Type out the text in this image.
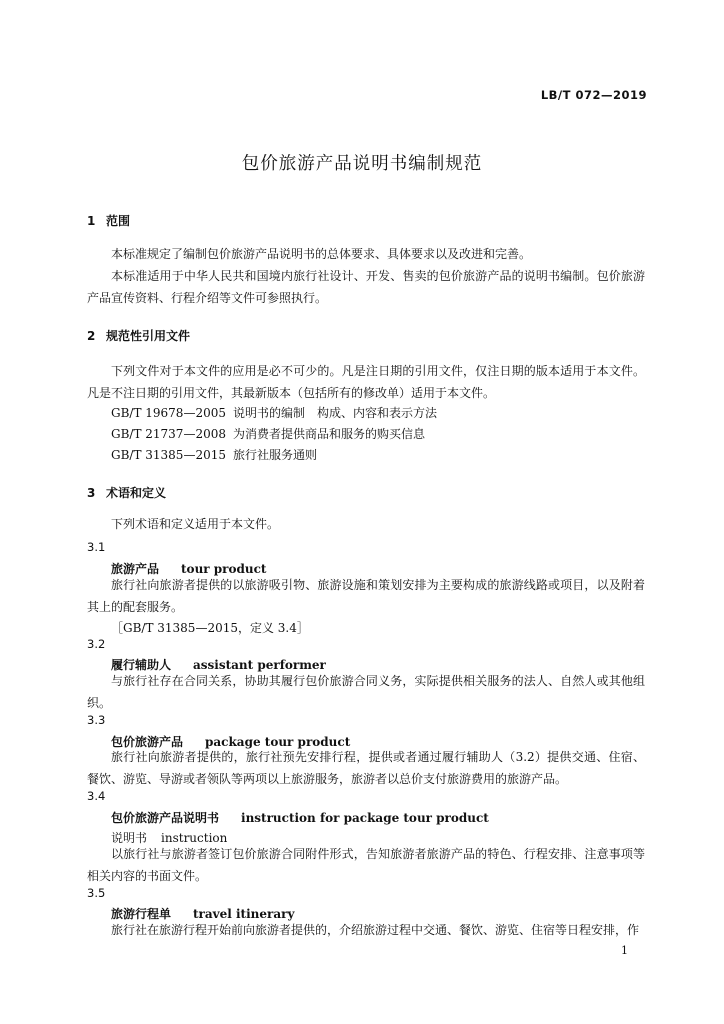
LB/T 072—2019
包价旅游产品说明书编制规范
1 范围

本标准规定了编制包价旅游产品说明书的总体要求、具体要求以及改进和完善。

本标准适用于中华人民共和国境内旅行社设计、开发、售卖的包价旅游产品的说明书编制。包价旅游产品宣传资料、行程介绍等文件可参照执行。

2 规范性引用文件

下列文件对于本文件的应用是必不可少的。凡是注日期的引用文件，仅注日期的版本适用于本文件。凡是不注日期的引用文件，其最新版本（包括所有的修改单）适用于本文件。

GB/T 19678—2005 说明书的编制　构成、内容和表示方法
GB/T 21737—2008 为消费者提供商品和服务的购买信息
GB/T 31385—2015 旅行社服务通则
3 术语和定义

下列术语和定义适用于本文件。

3.1
旅游产品 tour product

旅行社向旅游者提供的以旅游吸引物、旅游设施和策划安排为主要构成的旅游线路或项目，以及附着其上的配套服务。

［GB/T 31385—2015，定义 3.4］
3.2
履行辅助人 assistant performer

与旅行社存在合同关系，协助其履行包价旅游合同义务，实际提供相关服务的法人、自然人或其他组织。

3.3
包价旅游产品 package tour product

旅行社向旅游者提供的，旅行社预先安排行程，提供或者通过履行辅助人（3.2）提供交通、住宿、餐饮、游览、导游或者领队等两项以上旅游服务，旅游者以总价支付旅游费用的旅游产品。

3.4
包价旅游产品说明书 instruction for package tour product
说明书 instruction

以旅行社与旅游者签订包价旅游合同附件形式，告知旅游者旅游产品的特色、行程安排、注意事项等相关内容的书面文件。

3.5
旅游行程单 travel itinerary

旅行社在旅游行程开始前向旅游者提供的，介绍旅游过程中交通、餐饮、游览、住宿等日程安排，作

1
